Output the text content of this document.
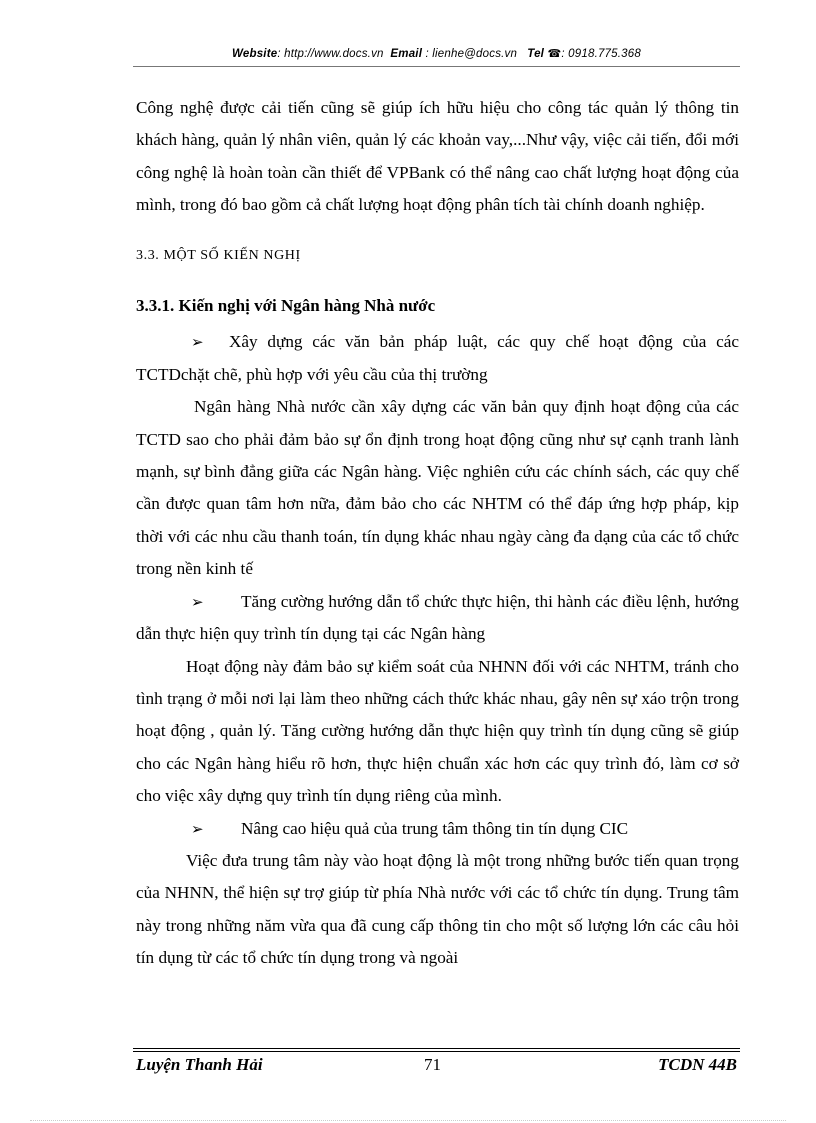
Website: http://www.docs.vn Email : lienhe@docs.vn Tel ☎: 0918.775.368

Công nghệ được cải tiến cũng sẽ giúp ích hữu hiệu cho công tác quản lý thông tin khách hàng, quản lý nhân viên, quản lý các khoản vay,...Như vậy, việc cải tiến, đổi mới công nghệ là hoàn toàn cần thiết để VPBank có thể nâng cao chất lượng hoạt động của mình, trong đó bao gồm cả chất lượng hoạt động phân tích tài chính doanh nghiệp.

3.3. MỘT SỐ KIẾN NGHỊ

3.3.1. Kiến nghị với Ngân hàng Nhà nước

➢ Xây dựng các văn bản pháp luật, các quy chế hoạt động của các TCTDchặt chẽ, phù hợp với yêu cầu của thị trường

Ngân hàng Nhà nước cần xây dựng các văn bản quy định hoạt động của các TCTD sao cho phải đảm bảo sự ổn định trong hoạt động cũng như sự cạnh tranh lành mạnh, sự bình đẳng giữa các Ngân hàng. Việc nghiên cứu các chính sách, các quy chế cần được quan tâm hơn nữa, đảm bảo cho các NHTM có thể đáp ứng hợp pháp, kịp thời với các nhu cầu thanh toán, tín dụng khác nhau ngày càng đa dạng của các tổ chức trong nền kinh tế

➢ Tăng cường hướng dẫn tổ chức thực hiện, thi hành các điều lệnh, hướng dẫn thực hiện quy trình tín dụng tại các Ngân hàng

Hoạt động này đảm bảo sự kiểm soát của NHNN đối với các NHTM, tránh cho tình trạng ở mỗi nơi lại làm theo những cách thức khác nhau, gây nên sự xáo trộn trong hoạt động , quản lý. Tăng cường hướng dẫn thực hiện quy trình tín dụng cũng sẽ giúp cho các Ngân hàng hiểu rõ hơn, thực hiện chuẩn xác hơn các quy trình đó, làm cơ sở cho việc xây dựng quy trình tín dụng riêng của mình.

➢ Nâng cao hiệu quả của trung tâm thông tin tín dụng CIC

Việc đưa trung tâm này vào hoạt động là một trong những bước tiến quan trọng của NHNN, thể hiện sự trợ giúp từ phía Nhà nước với các tổ chức tín dụng. Trung tâm này trong những năm vừa qua đã cung cấp thông tin cho một số lượng lớn các câu hỏi tín dụng từ các tổ chức tín dụng trong và ngoài

Luyện Thanh Hải	71	TCDN 44B
